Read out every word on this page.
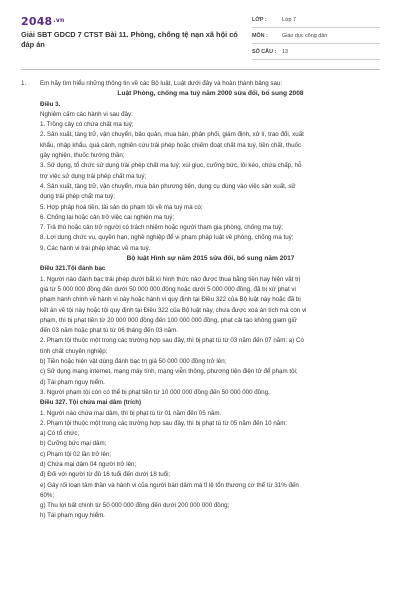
$2048^{.vn}$
Giải SBT GDCD 7 CTST Bài 11. Phòng, chống tệ nạn xã hội có đáp án
LỚP :	Lớp 7
MÔN :	Giáo dục công dân
SỐ CÂU :	13
1. Em hãy tìm hiểu những thông tin về các Bộ luật, Luật dưới đây và hoàn thành bảng sau:

Luật Phòng, chống ma tuý năm 2000 sửa đổi, bổ sung 2008

Điều 3.

Nghiêm cấm các hành vi sau đây:

1. Trồng cây có chứa chất ma tuý;

2. Sản xuất, tàng trữ, vận chuyển, bảo quản, mua bán, phân phối, giám định, xử lí, trao đổi, xuất

khẩu, nhập khẩu, quá cảnh, nghiên cứu trái phép hoặc chiếm đoạt chất ma tuý, tiền chất, thuốc

gây nghiện, thuốc hướng thần;

3. Sử dụng, tổ chức sử dụng trái phép chất ma tuý; xúi giục, cưỡng bức, lôi kéo, chứa chấp, hỗ

trợ việc sử dụng trái phép chất ma tuý;

4. Sản xuất, tàng trữ, vận chuyển, mua bán phương tiện, dụng cụ dùng vào việc sản xuất, sử

dụng trái phép chất ma tuý;

5. Hợp pháp hoá tiền, tài sản do phạm tội về ma tuý mà có;

6. Chống lại hoặc cản trở việc cai nghiện ma tuý;

7. Trả thù hoặc cản trở người có trách nhiệm hoặc người tham gia phòng, chống ma tuý;

8. Lợi dụng chức vụ, quyền hạn, nghề nghiệp để vi phạm pháp luật về phòng, chống ma tuý;

9. Các hành vi trái phép khác về ma tuý.

Bộ luật Hình sự năm 2015 sửa đổi, bổ sung năm 2017

Điều 321.Tội đánh bạc

1. Người nào đánh bạc trái phép dưới bất kì hình thức nào được thua bằng tiền hay hiện vật trị

giá từ 5 000 000 đồng đến dưới 50 000 000 đồng hoặc dưới 5 000 000 đồng, đã bị xử phạt vi

phạm hành chính về hành vi này hoặc hành vi quy định tại Điều 322 của Bộ luật này hoặc đã bị

kết án về tội này hoặc tội quy định tại Điều 322 của Bộ luật này, chưa được xoá án tích mà còn vi

phạm, thì bị phạt tiền từ 20 000 000 đồng đến 100 000 000 đồng, phạt cải tạo không giam giữ

đến 03 năm hoặc phạt tù từ 06 tháng đến 03 năm.

2. Phạm tội thuộc một trong các trường hợp sau đây, thì bị phạt tù từ 03 năm đến 07 năm: a) Có

tính chất chuyên nghiệp;

b) Tiền hoặc hiện vật dùng đánh bạc trị giá 50 000 000 đồng trở lên;

c) Sử dụng mạng internet, mạng máy tính, mạng viễn thông, phương tiện điện tử để phạm tội;

d) Tái phạm nguy hiểm.

3. Người phạm tội còn có thể bị phạt tiền từ 10 000 000 đồng đến 50 000 000 đồng.

Điều 327. Tội chứa mại dâm (trích)

1. Người nào chứa mại dâm, thì bị phạt tù từ 01 năm đến 05 năm.

2. Phạm tội thuộc một trong các trường hợp sau đây, thì bị phạt tù từ 05 năm đến 10 năm:

a) Có tổ chức;

b) Cưỡng bức mại dâm;

c) Phạm tội 02 lần trở lên;

d) Chứa mại dâm 04 người trở lên;

đ) Đối với người từ đủ 16 tuổi đến dưới 18 tuổi;

e) Gây rối loạn tâm thần và hành vi của người bán dâm mà tỉ lệ tổn thương cơ thể từ 31% đến

60%;

g) Thu lợi bất chính từ 50 000 000 đồng đến dưới 200 000 000 đồng;

h) Tái phạm nguy hiểm.
